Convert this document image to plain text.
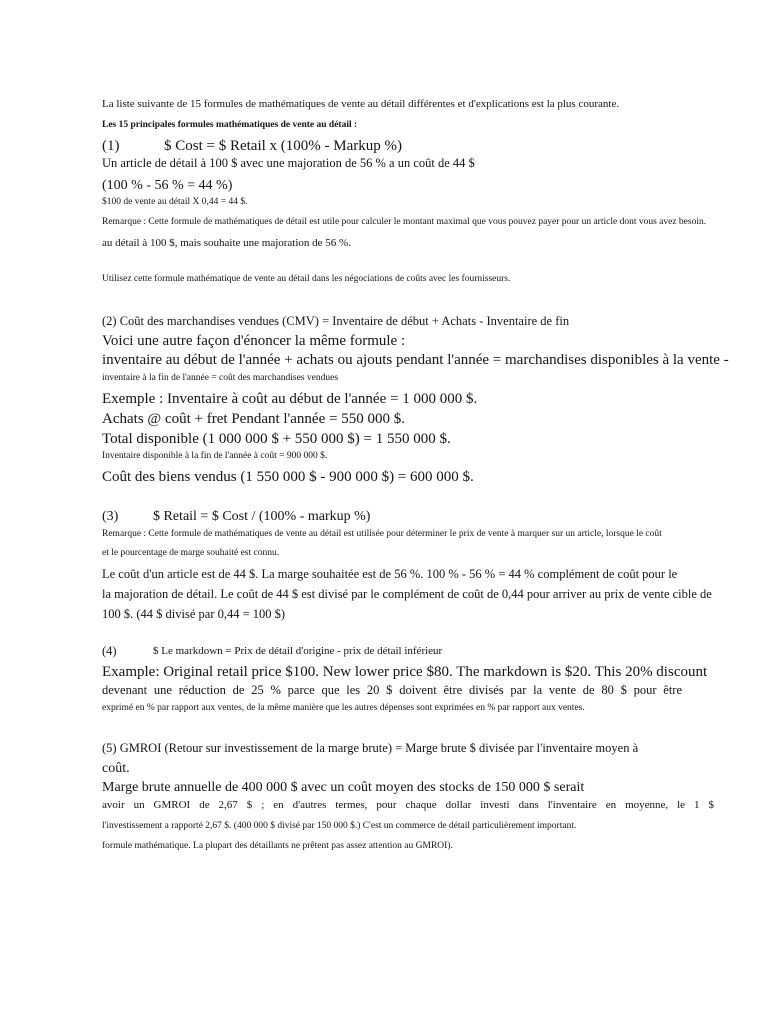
La liste suivante de 15 formules de mathématiques de vente au détail différentes et d'explications est la plus courante.
Les 15 principales formules mathématiques de vente au détail :
(1)	$ Cost = $ Retail x (100% - Markup %)
Un article de détail à 100 $ avec une majoration de 56 % a un coût de 44 $
(100 % - 56 % = 44 %)
$100 de vente au détail X 0,44 = 44 $.
Remarque : Cette formule de mathématiques de détail est utile pour calculer le montant maximal que vous pouvez payer pour un article dont vous avez besoin.
au détail à 100 $, mais souhaite une majoration de 56 %.
Utilisez cette formule mathématique de vente au détail dans les négociations de coûts avec les fournisseurs.
(2) Coût des marchandises vendues (CMV) = Inventaire de début + Achats - Inventaire de fin
Voici une autre façon d'énoncer la même formule :
inventaire au début de l'année + achats ou ajouts pendant l'année = marchandises disponibles à la vente -
inventaire à la fin de l'année = coût des marchandises vendues
Exemple : Inventaire à coût au début de l'année = 1 000 000 $.
Achats @ coût + fret Pendant l'année = 550 000 $.
Total disponible (1 000 000 $ + 550 000 $) = 1 550 000 $.
Inventaire disponible à la fin de l'année à coût = 900 000 $.
Coût des biens vendus (1 550 000 $ - 900 000 $) = 600 000 $.
(3) $ Retail = $ Cost / (100% - markup %)
Remarque : Cette formule de mathématiques de vente au détail est utilisée pour déterminer le prix de vente à marquer sur un article, lorsque le coût
et le pourcentage de marge souhaité est connu.
Le coût d'un article est de 44 $. La marge souhaitée est de 56 %. 100 % - 56 % = 44 % complément de coût pour le
la majoration de détail. Le coût de 44 $ est divisé par le complément de coût de 0,44 pour arriver au prix de vente cible de
100 $. (44 $ divisé par 0,44 = 100 $)
(4)	$ Le markdown = Prix de détail d'origine - prix de détail inférieur
Example: Original retail price $100. New lower price $80. The markdown is $20. This 20% discount
devenant une réduction de 25 % parce que les 20 $ doivent être divisés par la vente de 80 $ pour être
exprimé en % par rapport aux ventes, de la même manière que les autres dépenses sont exprimées en % par rapport aux ventes.
(5) GMROI (Retour sur investissement de la marge brute) = Marge brute $ divisée par l'inventaire moyen à
coût.
Marge brute annuelle de 400 000 $ avec un coût moyen des stocks de 150 000 $ serait
avoir un GMROI de 2,67 $ ; en d'autres termes, pour chaque dollar investi dans l'inventaire en moyenne, le 1 $
l'investissement a rapporté 2,67 $. (400 000 $ divisé par 150 000 $.) C'est un commerce de détail particulièrement important.
formule mathématique. La plupart des détaillants ne prêtent pas assez attention au GMROI).
